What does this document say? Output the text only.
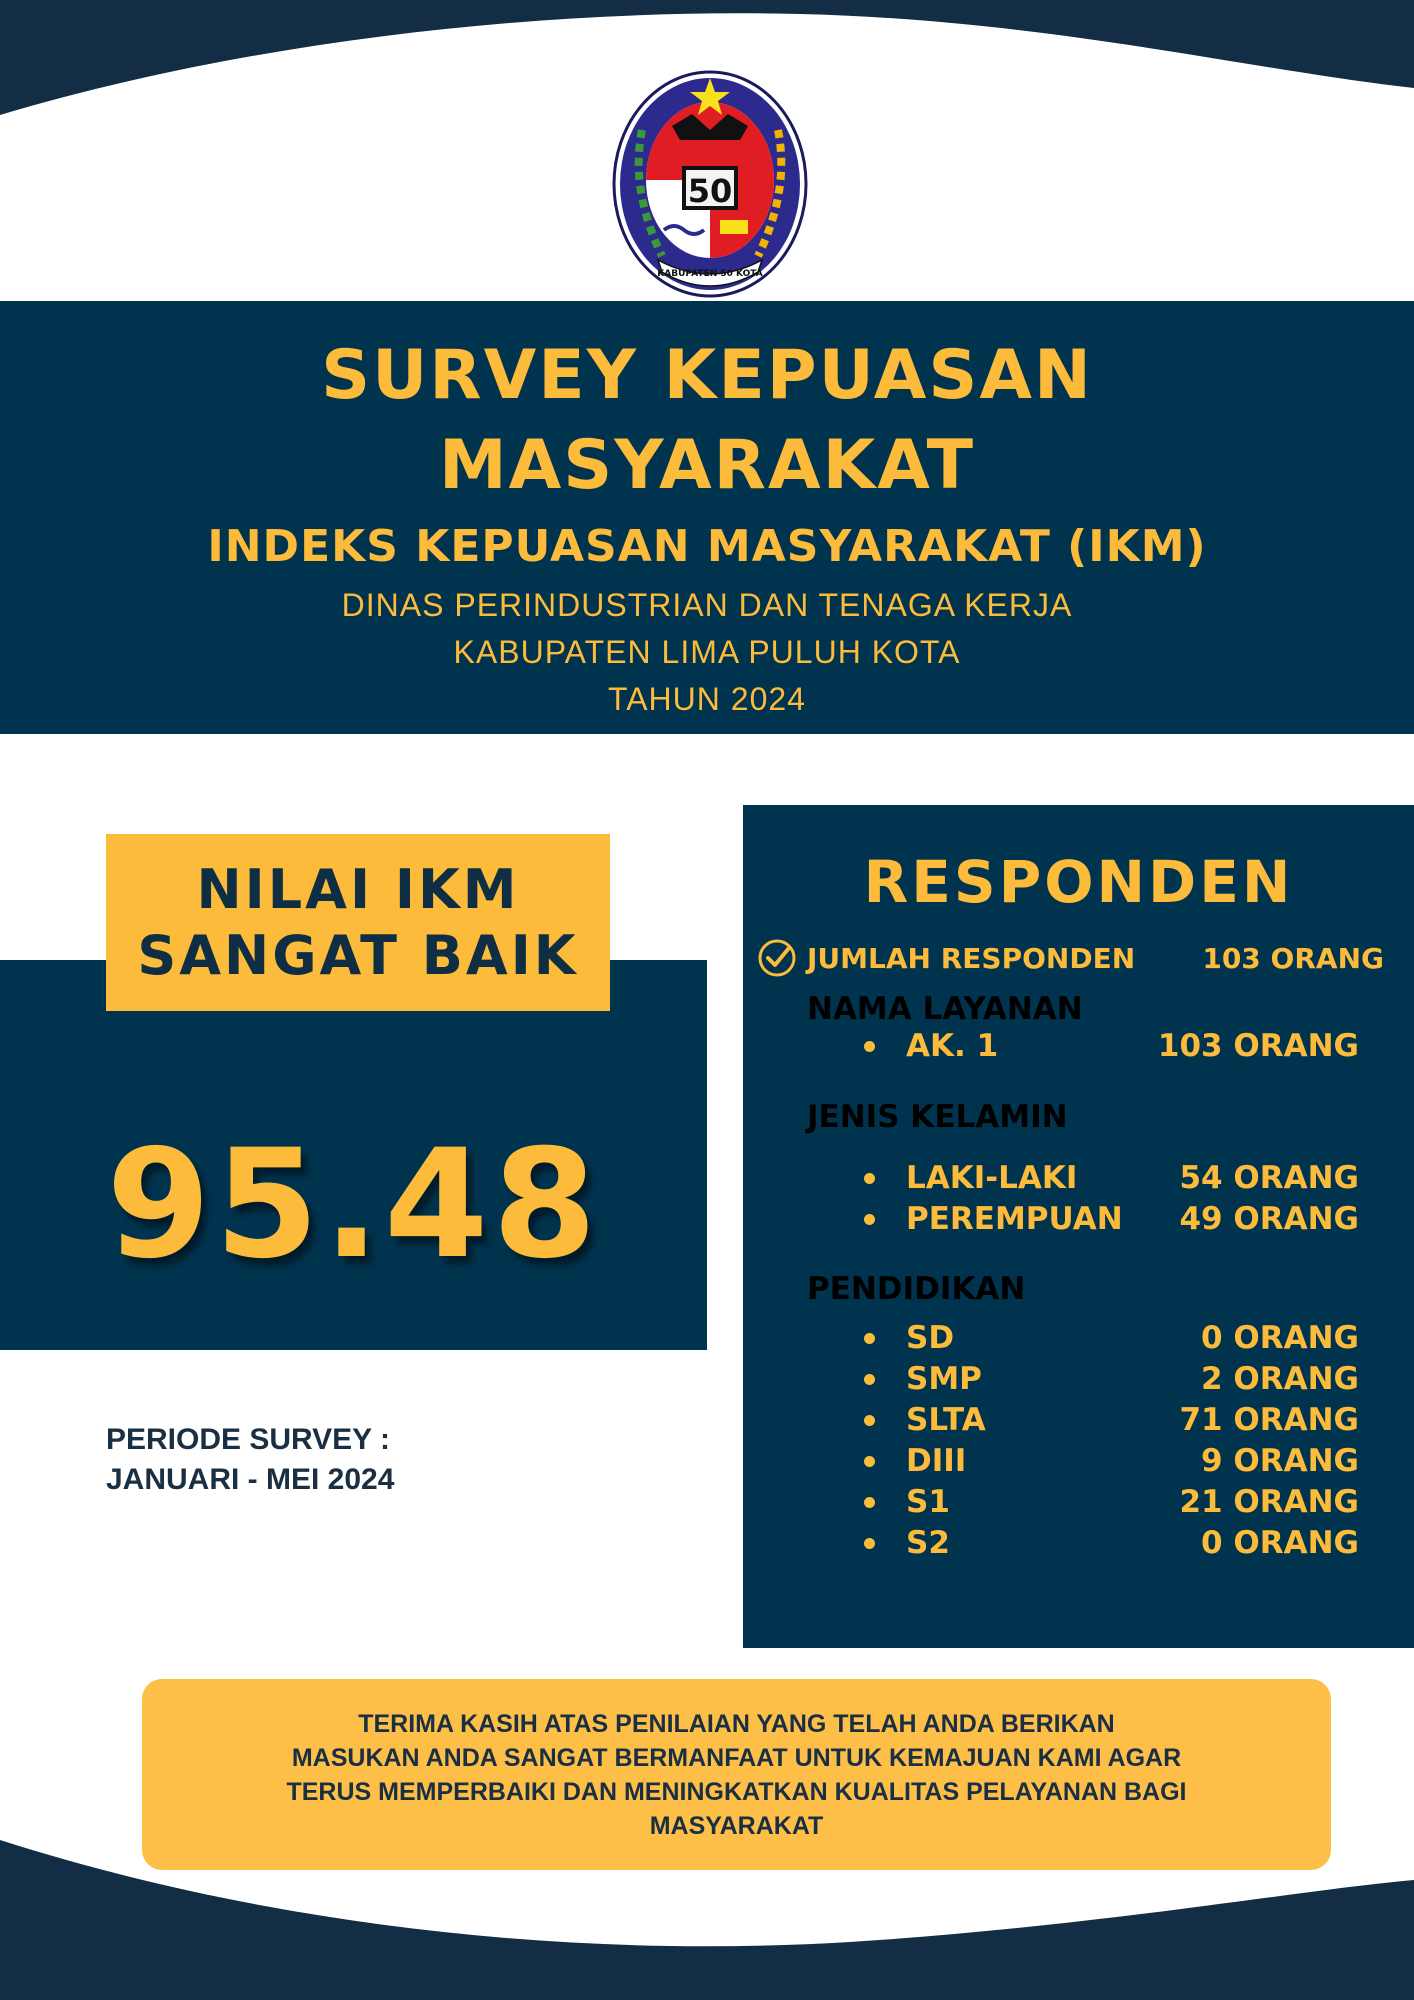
50
KABUPATEN 50 KOTA
SURVEY KEPUASAN
MASYARAKAT
INDEKS KEPUASAN MASYARAKAT (IKM)
DINAS PERINDUSTRIAN DAN TENAGA KERJA
KABUPATEN LIMA PULUH KOTA
TAHUN 2024
NILAI IKM
SANGAT BAIK
95.48
PERIODE SURVEY :
JANUARI - MEI 2024
RESPONDEN
JUMLAH RESPONDEN 103 ORANG
NAMA LAYANAN
AK. 1	103 ORANG
JENIS KELAMIN
LAKI-LAKI	54 ORANG
PEREMPUAN 49 ORANG
PENDIDIKAN
SD	0 ORANG
SMP	2 ORANG
SLTA	71 ORANG
DIII	9 ORANG
S1	21 ORANG
S2	0 ORANG
TERIMA KASIH ATAS PENILAIAN YANG TELAH ANDA BERIKAN
MASUKAN ANDA SANGAT BERMANFAAT UNTUK KEMAJUAN KAMI AGAR
TERUS MEMPERBAIKI DAN MENINGKATKAN KUALITAS PELAYANAN BAGI
MASYARAKAT
